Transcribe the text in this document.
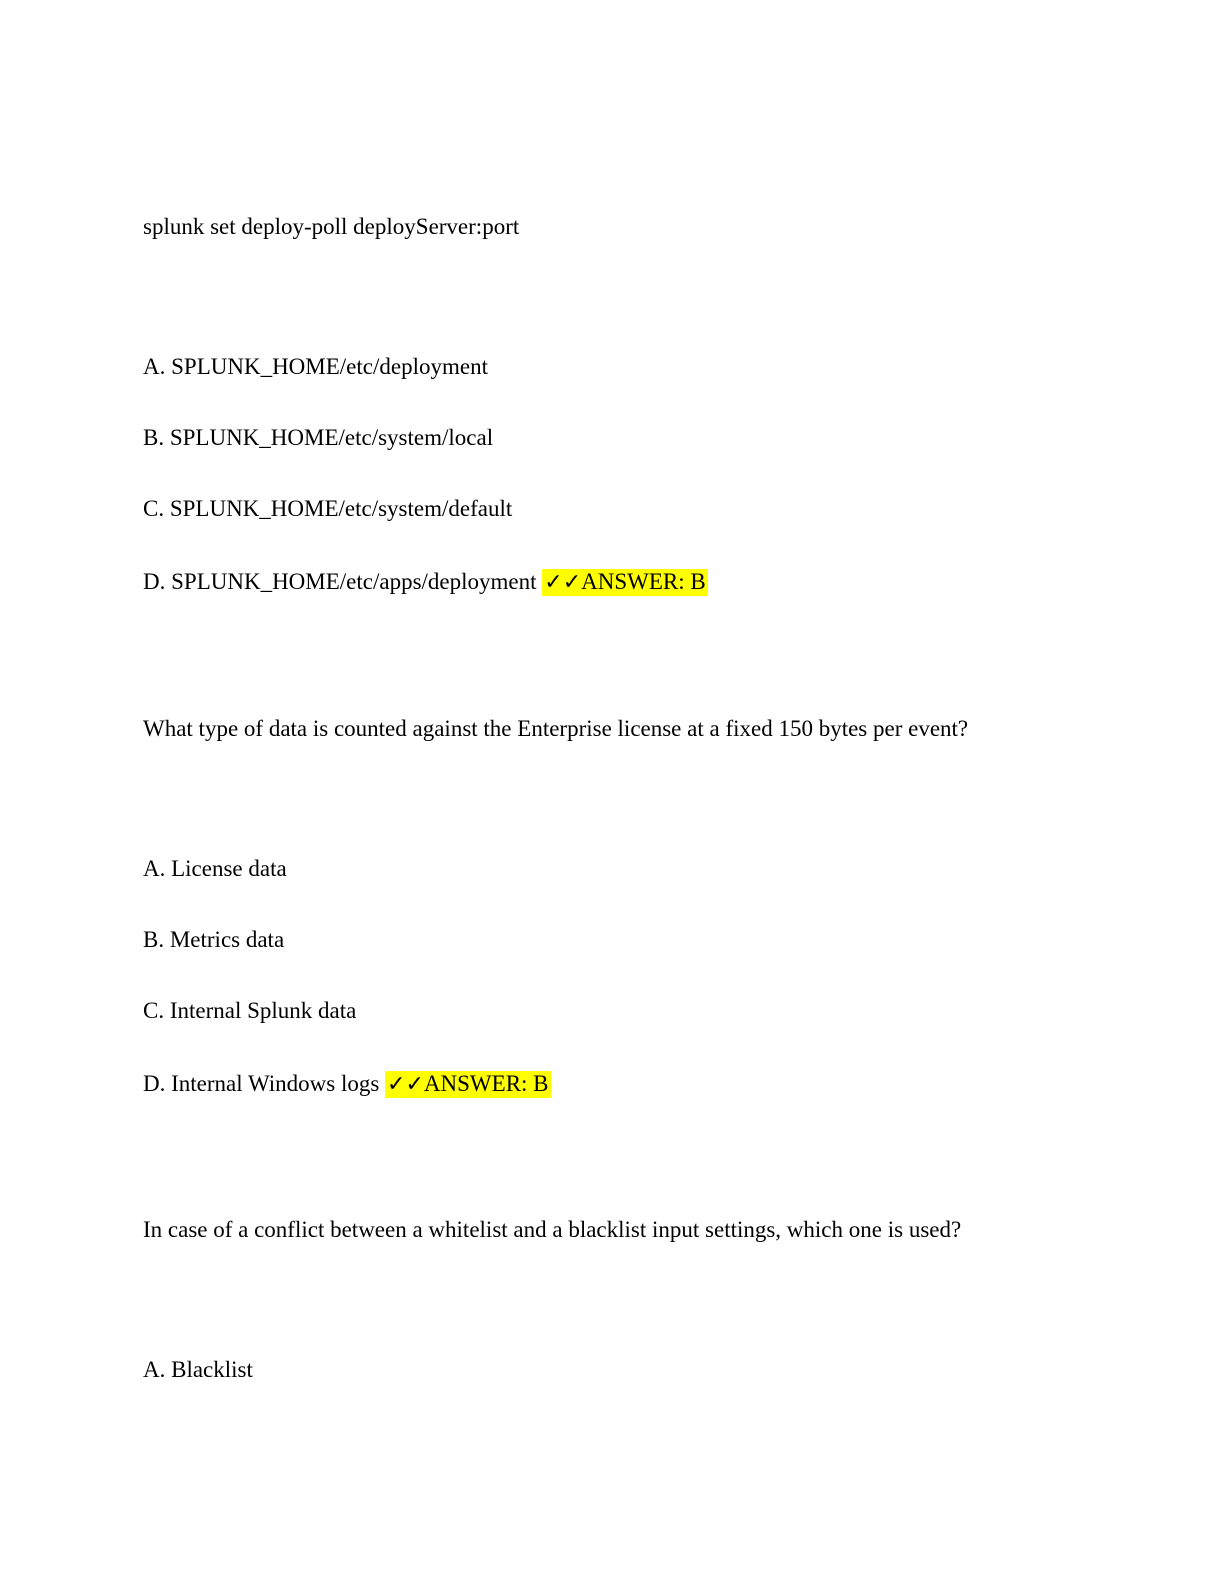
splunk set deploy-poll deployServer:port
A. SPLUNK_HOME/etc/deployment
B. SPLUNK_HOME/etc/system/local
C. SPLUNK_HOME/etc/system/default
D. SPLUNK_HOME/etc/apps/deployment ✓✓ANSWER: B
What type of data is counted against the Enterprise license at a fixed 150 bytes per event?
A. License data
B. Metrics data
C. Internal Splunk data
D. Internal Windows logs ✓✓ANSWER: B
In case of a conflict between a whitelist and a blacklist input settings, which one is used?
A. Blacklist
